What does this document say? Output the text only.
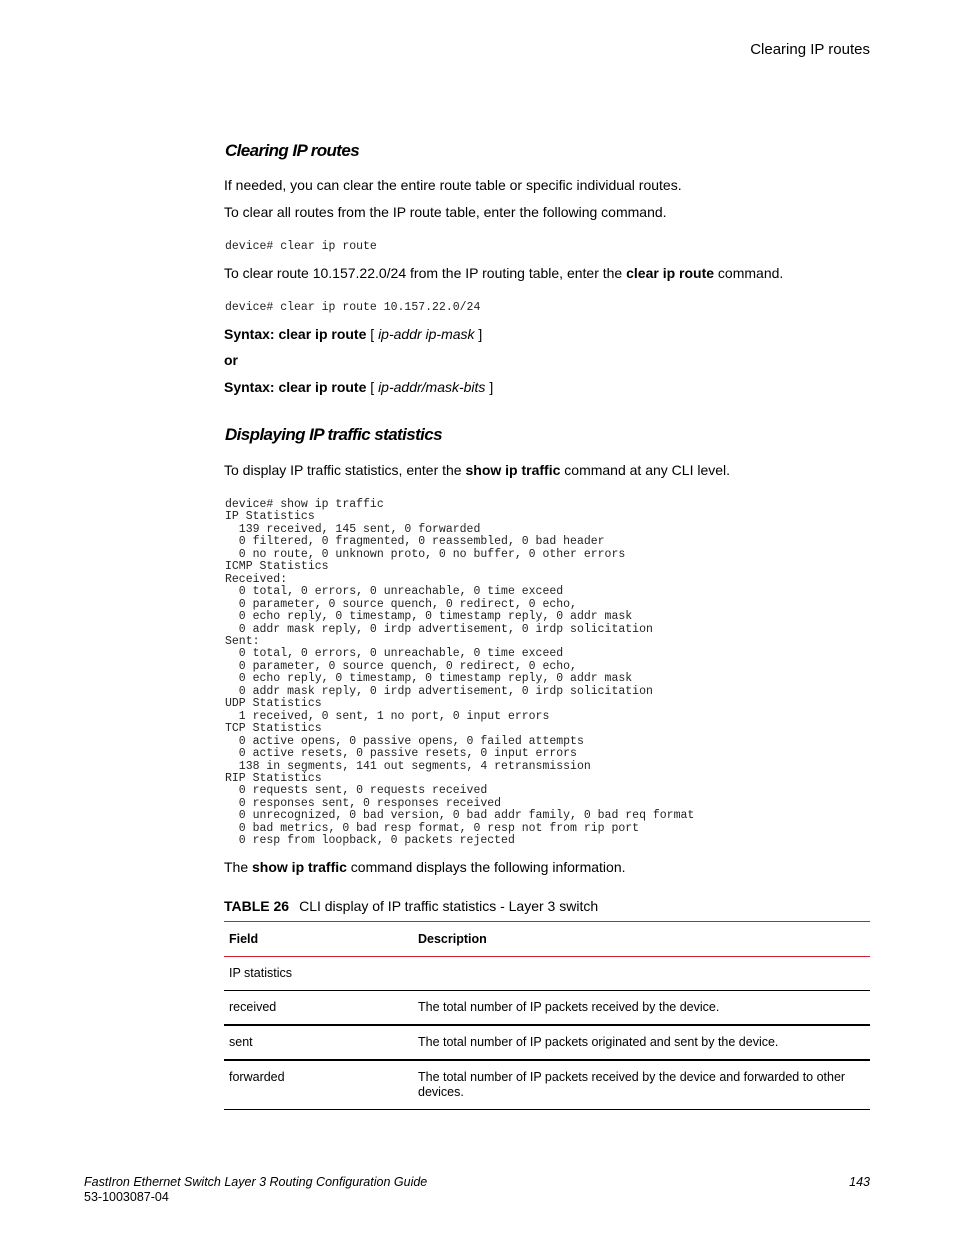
Clearing IP routes
Clearing IP routes
If needed, you can clear the entire route table or specific individual routes.
To clear all routes from the IP route table, enter the following command.
device# clear ip route
To clear route 10.157.22.0/24 from the IP routing table, enter the clear ip route command.
device# clear ip route 10.157.22.0/24
Syntax: clear ip route [ ip-addr ip-mask ]
or
Syntax: clear ip route [ ip-addr/mask-bits ]
Displaying IP traffic statistics
To display IP traffic statistics, enter the show ip traffic command at any CLI level.
device# show ip traffic
IP Statistics
139 received, 145 sent, 0 forwarded
0 filtered, 0 fragmented, 0 reassembled, 0 bad header
0 no route, 0 unknown proto, 0 no buffer, 0 other errors
ICMP Statistics
Received:
0 total, 0 errors, 0 unreachable, 0 time exceed
0 parameter, 0 source quench, 0 redirect, 0 echo,
0 echo reply, 0 timestamp, 0 timestamp reply, 0 addr mask
0 addr mask reply, 0 irdp advertisement, 0 irdp solicitation
Sent:
0 total, 0 errors, 0 unreachable, 0 time exceed
0 parameter, 0 source quench, 0 redirect, 0 echo,
0 echo reply, 0 timestamp, 0 timestamp reply, 0 addr mask
0 addr mask reply, 0 irdp advertisement, 0 irdp solicitation
UDP Statistics
1 received, 0 sent, 1 no port, 0 input errors
TCP Statistics
0 active opens, 0 passive opens, 0 failed attempts
0 active resets, 0 passive resets, 0 input errors
138 in segments, 141 out segments, 4 retransmission
RIP Statistics
0 requests sent, 0 requests received
0 responses sent, 0 responses received
0 unrecognized, 0 bad version, 0 bad addr family, 0 bad req format
0 bad metrics, 0 bad resp format, 0 resp not from rip port
0 resp from loopback, 0 packets rejected
The show ip traffic command displays the following information.
TABLE 26 CLI display of IP traffic statistics - Layer 3 switch
Field	Description
IP statistics
received	The total number of IP packets received by the device.
sent	The total number of IP packets originated and sent by the device.
forwarded	The total number of IP packets received by the device and forwarded to other devices.
FastIron Ethernet Switch Layer 3 Routing Configuration Guide
53-1003087-04
143
